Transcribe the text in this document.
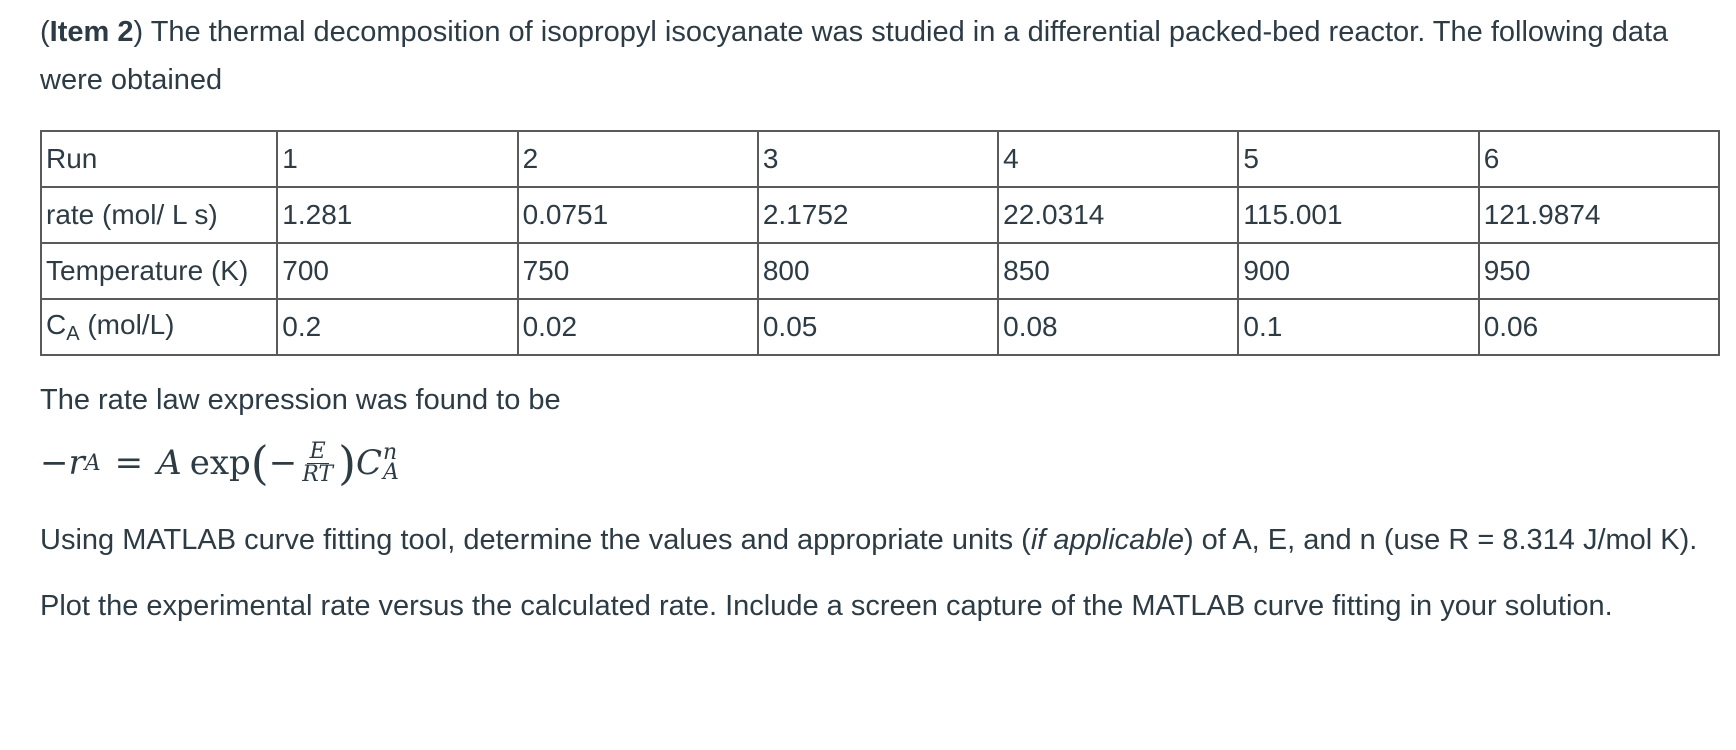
(Item 2) The thermal decomposition of isopropyl isocyanate was studied in a differential packed-bed reactor. The following data were obtained

Run	1	2	3	4	5	6
rate (mol/ L s)	1.281	0.0751	2.1752	22.0314	115.001	121.9874
Temperature (K)	700	750	800	850	900	950
$C_A$ (mol/L)	0.2	0.02	0.05	0.08	0.1	0.06

The rate law expression was found to be

−r A = A exp ( − $\frac{E}{RT}$ ) C n
A

Using MATLAB curve fitting tool, determine the values and appropriate units (if applicable) of A, E, and n (use R = 8.314 J/mol K).

Plot the experimental rate versus the calculated rate. Include a screen capture of the MATLAB curve fitting in your solution.
